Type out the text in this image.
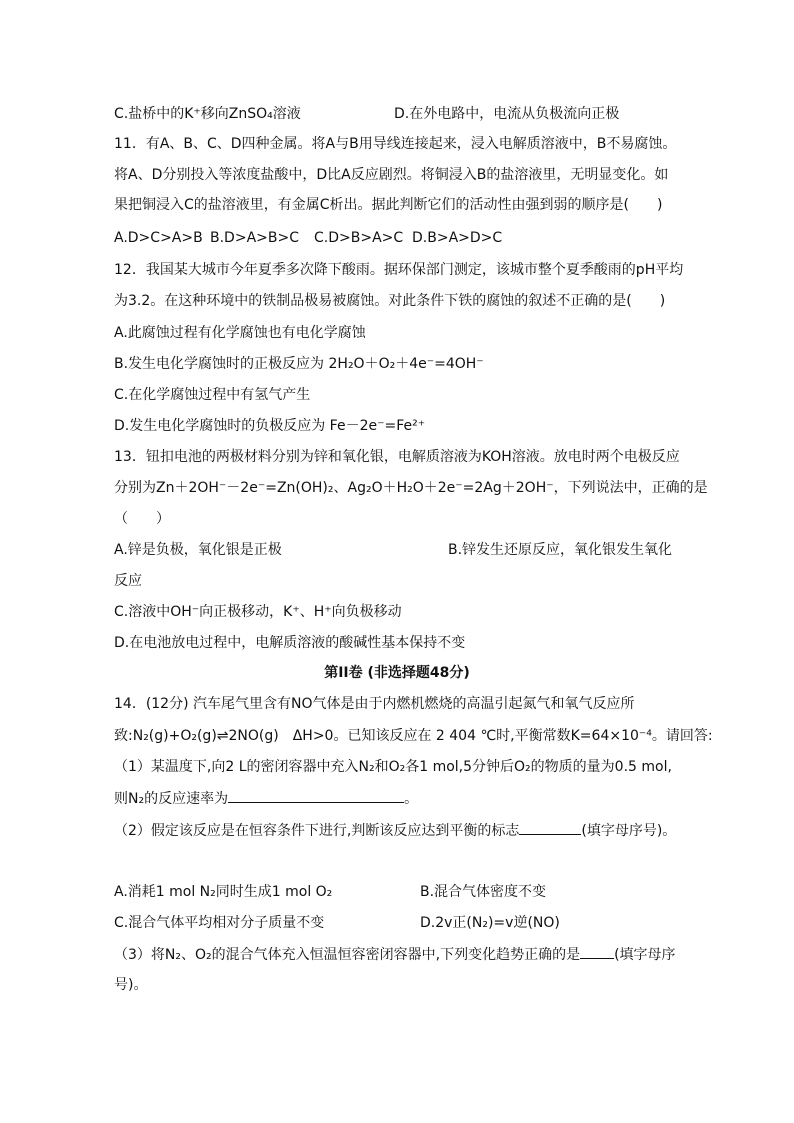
C.盐桥中的K⁺移向ZnSO₄溶液	D.在外电路中，电流从负极流向正极
11．有A、B、C、D四种金属。将A与B用导线连接起来，浸入电解质溶液中，B不易腐蚀。
将A、D分别投入等浓度盐酸中，D比A反应剧烈。将铜浸入B的盐溶液里，无明显变化。如
果把铜浸入C的盐溶液里，有金属C析出。据此判断它们的活动性由强到弱的顺序是(　　)
A.D>C>A>B B.D>A>B>C C.D>B>A>C D.B>A>D>C
12．我国某大城市今年夏季多次降下酸雨。据环保部门测定，该城市整个夏季酸雨的pH平均
为3.2。在这种环境中的铁制品极易被腐蚀。对此条件下铁的腐蚀的叙述不正确的是(　　)
A.此腐蚀过程有化学腐蚀也有电化学腐蚀
B.发生电化学腐蚀时的正极反应为 2H₂O＋O₂＋4e⁻=4OH⁻
C.在化学腐蚀过程中有氢气产生
D.发生电化学腐蚀时的负极反应为 Fe－2e⁻=Fe²⁺
13．钮扣电池的两极材料分别为锌和氧化银，电解质溶液为KOH溶液。放电时两个电极反应
分别为Zn＋2OH⁻－2e⁻=Zn(OH)₂、Ag₂O＋H₂O＋2e⁻=2Ag＋2OH⁻，下列说法中，正确的是
（　　）
A.锌是负极，氧化银是正极	B.锌发生还原反应，氧化银发生氧化
反应
C.溶液中OH⁻向正极移动，K⁺、H⁺向负极移动
D.在电池放电过程中，电解质溶液的酸碱性基本保持不变
第II卷 (非选择题48分)
14．(12分) 汽车尾气里含有NO气体是由于内燃机燃烧的高温引起氮气和氧气反应所
致:N₂(g)+O₂(g)⇌2NO(g)　ΔH>0。已知该反应在 2 404 ℃时,平衡常数K=64×10⁻⁴。请回答:
（1）某温度下,向2 L的密闭容器中充入N₂和O₂各1 mol,5分钟后O₂的物质的量为0.5 mol,
则N₂的反应速率为	。
（2）假定该反应是在恒容条件下进行,判断该反应达到平衡的标志	(填字母序号)。
A.消耗1 mol N₂同时生成1 mol O₂	B.混合气体密度不变
C.混合气体平均相对分子质量不变	D.2v正(N₂)=v逆(NO)
（3）将N₂、O₂的混合气体充入恒温恒容密闭容器中,下列变化趋势正确的是 (填字母序
号)。
